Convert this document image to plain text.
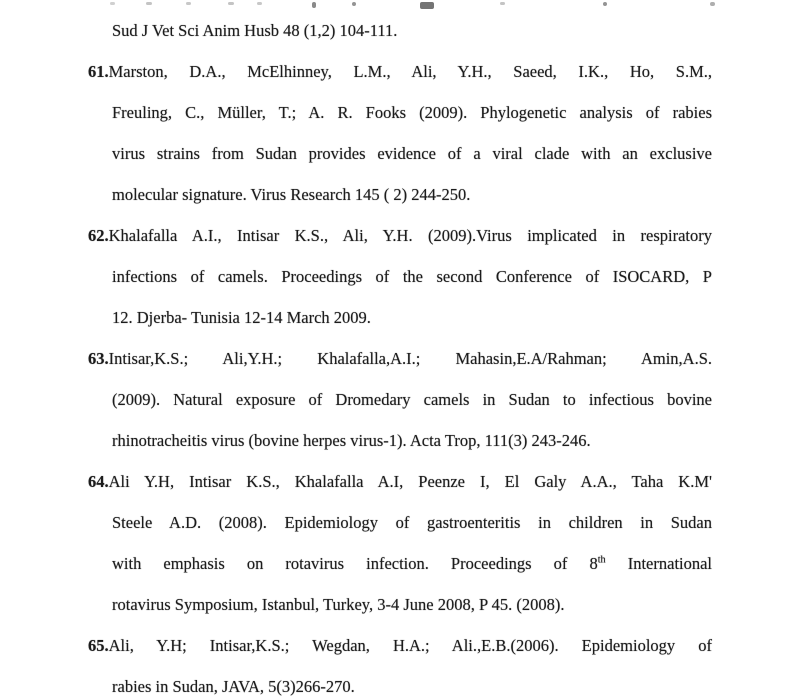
Sud J Vet Sci Anim Husb 48 (1,2) 104-111.
61.Marston, D.A., McElhinney, L.M., Ali, Y.H., Saeed, I.K., Ho, S.M.,
Freuling, C., Müller, T.; A. R. Fooks (2009). Phylogenetic analysis of rabies
virus strains from Sudan provides evidence of a viral clade with an exclusive
molecular signature. Virus Research 145 ( 2) 244-250.
62.Khalafalla A.I., Intisar K.S., Ali, Y.H. (2009).Virus implicated in respiratory
infections of camels. Proceedings of the second Conference of ISOCARD, P
12. Djerba- Tunisia 12-14 March 2009.
63.Intisar,K.S.; Ali,Y.H.; Khalafalla,A.I.; Mahasin,E.A/Rahman; Amin,A.S.
(2009). Natural exposure of Dromedary camels in Sudan to infectious bovine
rhinotracheitis virus (bovine herpes virus-1). Acta Trop, 111(3) 243-246.
64.Ali Y.H, Intisar K.S., Khalafalla A.I, Peenze I, El Galy A.A., Taha K.M'
Steele A.D. (2008). Epidemiology of gastroenteritis in children in Sudan
with emphasis on rotavirus infection. Proceedings of 8th International
rotavirus Symposium, Istanbul, Turkey, 3-4 June 2008, P 45. (2008).
65.Ali, Y.H; Intisar,K.S.; Wegdan, H.A.; Ali.,E.B.(2006). Epidemiology of
rabies in Sudan, JAVA, 5(3)266-270.
